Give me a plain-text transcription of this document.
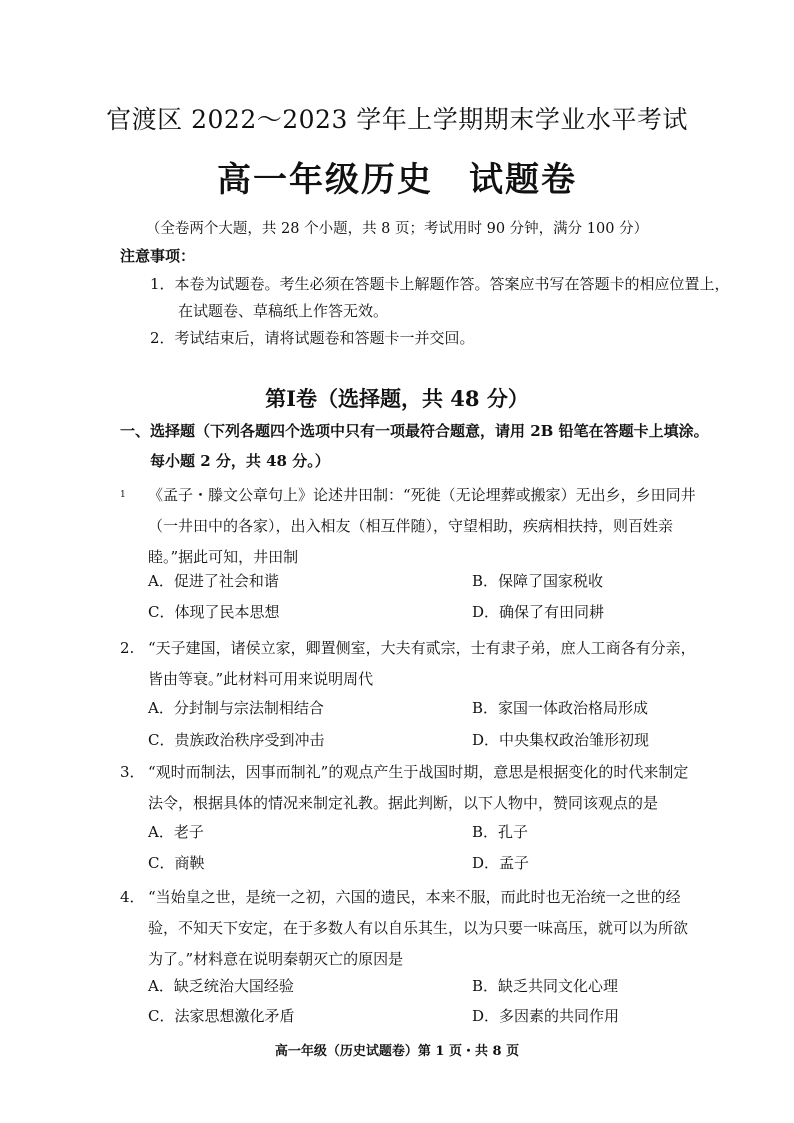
官渡区 2022～2023 学年上学期期末学业水平考试
高一年级历史　试题卷
（全卷两个大题，共 28 个小题，共 8 页；考试用时 90 分钟，满分 100 分）
注意事项：
1．本卷为试题卷。考生必须在答题卡上解题作答。答案应书写在答题卡的相应位置上，
在试题卷、草稿纸上作答无效。
2．考试结束后，请将试题卷和答题卡一并交回。
第Ⅰ卷（选择题，共 48 分）
一、选择题（下列各题四个选项中只有一项最符合题意，请用 2B 铅笔在答题卡上填涂。
每小题 2 分，共 48 分。）
1 《孟子・滕文公章句上》论述井田制：“死徙（无论埋葬或搬家）无出乡，乡田同井
（一井田中的各家），出入相友（相互伴随），守望相助，疾病相扶持，则百姓亲
睦。”据此可知，井田制
A．促进了社会和谐	B．保障了国家税收
C．体现了民本思想	D．确保了有田同耕
2. “天子建国，诸侯立家，卿置侧室，大夫有贰宗，士有隶子弟，庶人工商各有分亲，
皆由等衰。”此材料可用来说明周代
A．分封制与宗法制相结合	B．家国一体政治格局形成
C．贵族政治秩序受到冲击	D．中央集权政治雏形初现
3． “观时而制法，因事而制礼”的观点产生于战国时期，意思是根据变化的时代来制定
法令，根据具体的情况来制定礼教。据此判断，以下人物中，赞同该观点的是
A．老子	B．孔子
C．商鞅	D．孟子
4． “当始皇之世，是统一之初，六国的遗民，本来不服，而此时也无治统一之世的经
验，不知天下安定，在于多数人有以自乐其生，以为只要一味高压，就可以为所欲
为了。”材料意在说明秦朝灭亡的原因是
A．缺乏统治大国经验	B．缺乏共同文化心理
C．法家思想激化矛盾	D．多因素的共同作用
高一年级（历史试题卷）第 1 页・共 8 页
